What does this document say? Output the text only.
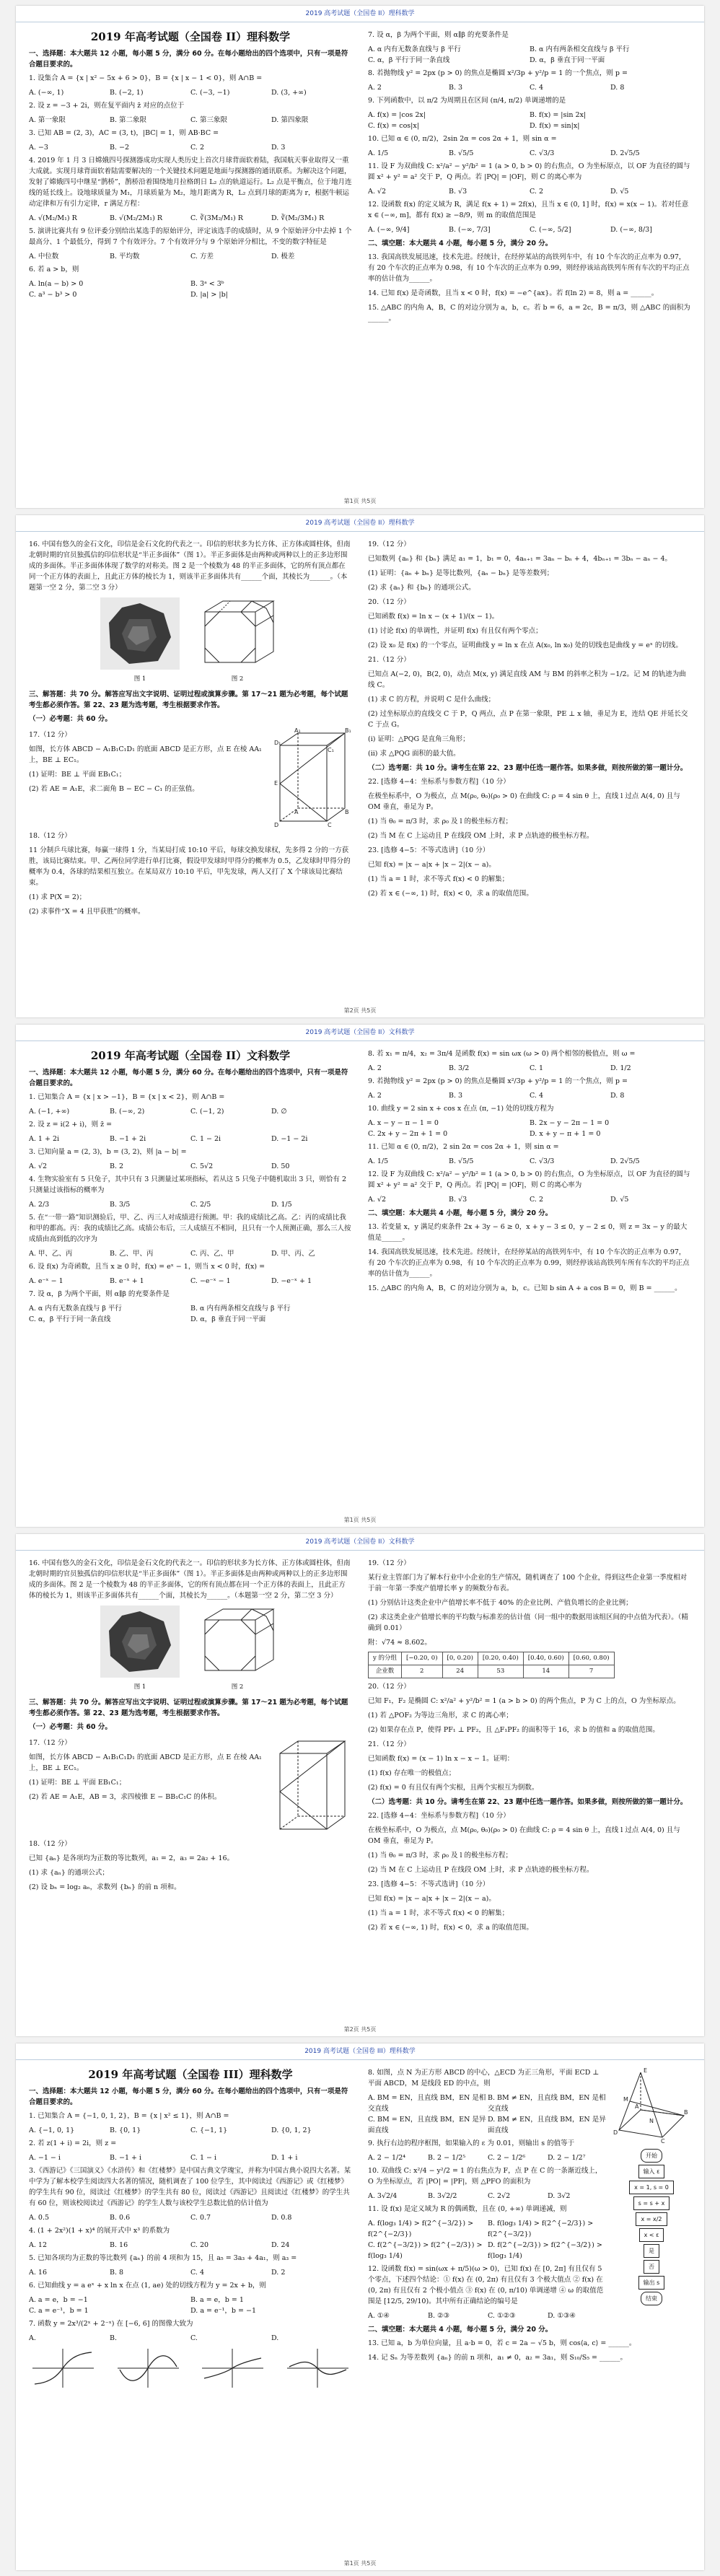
2019 高考试题（全国卷 II）理科数学
2019 年高考试题（全国卷 II）理科数学
一、选择题：本大题共 12 小题，每小题 5 分，满分 60 分。在每小题给出的四个选项中，只有一项是符合题目要求的。
1. 设集合 A = {x | x² − 5x + 6 > 0}，B = {x | x − 1 < 0}，则 A∩B =
A. (−∞, 1)	B. (−2, 1)	C. (−3, −1)	D. (3, +∞)
2. 设 z = −3 + 2i，则在复平面内 z̄ 对应的点位于
A. 第一象限	B. 第二象限	C. 第三象限	D. 第四象限
3. 已知 AB = (2, 3)，AC = (3, t)，|BC| = 1，则 AB·BC =
A. −3	B. −2	C. 2	D. 3
4. 2019 年 1 月 3 日嫦娥四号探测器成功实现人类历史上首次月球背面软着陆，我国航天事业取得又一重大成就。实现月球背面软着陆需要解决的一个关键技术问题是地面与探测器的通讯联系。为解决这个问题，发射了嫦娥四号中继星“鹊桥”，鹊桥沿着围绕地月拉格朗日 L₂ 点的轨道运行。L₂ 点是平衡点，位于地月连线的延长线上。设地球质量为 M₁，月球质量为 M₂，地月距离为 R，L₂ 点到月球的距离为 r，根据牛顿运动定律和万有引力定律，r 满足方程：
A. √(M₂/M₁) R	B. √(M₂/2M₁) R	C. ∛(3M₂/M₁) R	D. ∛(M₂/3M₁) R
5. 演讲比赛共有 9 位评委分别给出某选手的原始评分，评定该选手的成绩时，从 9 个原始评分中去掉 1 个最高分、1 个最低分，得到 7 个有效评分。7 个有效评分与 9 个原始评分相比，不变的数字特征是
A. 中位数	B. 平均数	C. 方差	D. 极差
6. 若 a > b，则
A. ln(a − b) > 0	B. 3ᵃ < 3ᵇ
C. a³ − b³ > 0	D. |a| > |b|
7. 设 α，β 为两个平面，则 α∥β 的充要条件是
A. α 内有无数条直线与 β 平行	B. α 内有两条相交直线与 β 平行
C. α，β 平行于同一条直线	D. α，β 垂直于同一平面
8. 若抛物线 y² = 2px (p > 0) 的焦点是椭圆 x²/3p + y²/p = 1 的一个焦点，则 p =
A. 2	B. 3	C. 4	D. 8
9. 下列函数中，以 π/2 为周期且在区间 (π/4, π/2) 单调递增的是
A. f(x) = |cos 2x|	B. f(x) = |sin 2x|
C. f(x) = cos|x|	D. f(x) = sin|x|
10. 已知 α ∈ (0, π/2)，2sin 2α = cos 2α + 1，则 sin α =
A. 1/5	B. √5/5	C. √3/3	D. 2√5/5
11. 设 F 为双曲线 C: x²/a² − y²/b² = 1 (a > 0, b > 0) 的右焦点，O 为坐标原点，以 OF 为直径的圆与圆 x² + y² = a² 交于 P，Q 两点。若 |PQ| = |OF|，则 C 的离心率为
A. √2	B. √3	C. 2	D. √5
12. 设函数 f(x) 的定义域为 R，满足 f(x + 1) = 2f(x)，且当 x ∈ (0, 1] 时，f(x) = x(x − 1)。若对任意 x ∈ (−∞, m]，都有 f(x) ≥ −8/9，则 m 的取值范围是
A. (−∞, 9/4]	B. (−∞, 7/3]	C. (−∞, 5/2]	D. (−∞, 8/3]
二、填空题：本大题共 4 小题，每小题 5 分，满分 20 分。
13. 我国高铁发展迅速，技术先进。经统计，在经停某站的高铁列车中，有 10 个车次的正点率为 0.97，有 20 个车次的正点率为 0.98，有 10 个车次的正点率为 0.99，则经停该站高铁列车所有车次的平均正点率的估计值为______。
14. 已知 f(x) 是奇函数，且当 x < 0 时，f(x) = −e^{ax}。若 f(ln 2) = 8，则 a = ______。
15. △ABC 的内角 A，B，C 的对边分别为 a，b，c。若 b = 6，a = 2c，B = π/3，则 △ABC 的面积为______。
第1页 共5页
2019 高考试题（全国卷 II）理科数学
16. 中国有悠久的金石文化，印信是金石文化的代表之一。印信的形状多为长方体、正方体或圆柱体，但南北朝时期的官员独孤信的印信形状是“半正多面体”（图 1）。半正多面体是由两种或两种以上的正多边形围成的多面体。半正多面体体现了数学的对称美。图 2 是一个棱数为 48 的半正多面体，它的所有顶点都在同一个正方体的表面上，且此正方体的棱长为 1，则该半正多面体共有______个面，其棱长为______。（本题第一空 2 分，第二空 3 分）
图 1	图 2
三、解答题：共 70 分。解答应写出文字说明、证明过程或演算步骤。第 17～21 题为必考题，每个试题考生都必须作答。第 22、23 题为选考题，考生根据要求作答。
（一）必考题：共 60 分。
17.（12 分）
如图，长方体 ABCD − A₁B₁C₁D₁ 的底面 ABCD 是正方形，点 E 在棱 AA₁ 上，BE ⊥ EC₁。
(1) 证明：BE ⊥ 平面 EB₁C₁；
(2) 若 AE = A₁E，求二面角 B − EC − C₁ 的正弦值。
D₁
A₁	B₁
C₁
E
D
A	B
C
18.（12 分）
11 分制乒乓球比赛，每赢一球得 1 分，当某局打成 10:10 平后，每球交换发球权，先多得 2 分的一方获胜，该局比赛结束。甲、乙两位同学进行单打比赛，假设甲发球时甲得分的概率为 0.5，乙发球时甲得分的概率为 0.4，各球的结果相互独立。在某局双方 10:10 平后，甲先发球，两人又打了 X 个球该局比赛结束。
(1) 求 P(X = 2)；
(2) 求事件“X = 4 且甲获胜”的概率。
19.（12 分）
已知数列 {aₙ} 和 {bₙ} 满足 a₁ = 1，b₁ = 0，4aₙ₊₁ = 3aₙ − bₙ + 4，4bₙ₊₁ = 3bₙ − aₙ − 4。
(1) 证明：{aₙ + bₙ} 是等比数列，{aₙ − bₙ} 是等差数列；
(2) 求 {aₙ} 和 {bₙ} 的通项公式。
20.（12 分）
已知函数 f(x) = ln x − (x + 1)/(x − 1)。
(1) 讨论 f(x) 的单调性，并证明 f(x) 有且仅有两个零点；
(2) 设 x₀ 是 f(x) 的一个零点，证明曲线 y = ln x 在点 A(x₀, ln x₀) 处的切线也是曲线 y = eˣ 的切线。
21.（12 分）
已知点 A(−2, 0)，B(2, 0)，动点 M(x, y) 满足直线 AM 与 BM 的斜率之积为 −1/2。记 M 的轨迹为曲线 C。
(1) 求 C 的方程，并说明 C 是什么曲线；
(2) 过坐标原点的直线交 C 于 P，Q 两点，点 P 在第一象限，PE ⊥ x 轴，垂足为 E，连结 QE 并延长交 C 于点 G。
(i) 证明：△PQG 是直角三角形；
(ii) 求 △PQG 面积的最大值。
（二）选考题：共 10 分。请考生在第 22、23 题中任选一题作答。如果多做，则按所做的第一题计分。
22. [选修 4−4：坐标系与参数方程]（10 分）
在极坐标系中，O 为极点，点 M(ρ₀, θ₀)(ρ₀ > 0) 在曲线 C: ρ = 4 sin θ 上，直线 l 过点 A(4, 0) 且与 OM 垂直，垂足为 P。
(1) 当 θ₀ = π/3 时，求 ρ₀ 及 l 的极坐标方程；
(2) 当 M 在 C 上运动且 P 在线段 OM 上时，求 P 点轨迹的极坐标方程。
23. [选修 4−5：不等式选讲]（10 分）
已知 f(x) = |x − a|x + |x − 2|(x − a)。
(1) 当 a = 1 时，求不等式 f(x) < 0 的解集；
(2) 若 x ∈ (−∞, 1) 时，f(x) < 0，求 a 的取值范围。
第2页 共5页
2019 高考试题（全国卷 II）文科数学
2019 年高考试题（全国卷 II）文科数学
一、选择题：本大题共 12 小题，每小题 5 分，满分 60 分。在每小题给出的四个选项中，只有一项是符合题目要求的。
1. 已知集合 A = {x | x > −1}，B = {x | x < 2}，则 A∩B =
A. (−1, +∞)	B. (−∞, 2)	C. (−1, 2)	D. ∅
2. 设 z = i(2 + i)，则 z̄ =
A. 1 + 2i	B. −1 + 2i	C. 1 − 2i	D. −1 − 2i
3. 已知向量 a = (2, 3)，b = (3, 2)，则 |a − b| =
A. √2	B. 2	C. 5√2	D. 50
4. 生物实验室有 5 只兔子，其中只有 3 只测量过某项指标，若从这 5 只兔子中随机取出 3 只，则恰有 2 只测量过该指标的概率为
A. 2/3	B. 3/5	C. 2/5	D. 1/5
5. 在“一带一路”知识测验后，甲、乙、丙三人对成绩进行预测。甲：我的成绩比乙高。乙：丙的成绩比我和甲的都高。丙：我的成绩比乙高。成绩公布后，三人成绩互不相同，且只有一个人预测正确，那么三人按成绩由高到低的次序为
A. 甲、乙、丙	B. 乙、甲、丙	C. 丙、乙、甲	D. 甲、丙、乙
6. 设 f(x) 为奇函数，且当 x ≥ 0 时，f(x) = eˣ − 1，则当 x < 0 时，f(x) =
A. e⁻ˣ − 1	B. e⁻ˣ + 1	C. −e⁻ˣ − 1	D. −e⁻ˣ + 1
7. 设 α，β 为两个平面，则 α∥β 的充要条件是
A. α 内有无数条直线与 β 平行	B. α 内有两条相交直线与 β 平行
C. α，β 平行于同一条直线	D. α，β 垂直于同一平面
8. 若 x₁ = π/4，x₂ = 3π/4 是函数 f(x) = sin ωx (ω > 0) 两个相邻的极值点，则 ω =
A. 2	B. 3/2	C. 1	D. 1/2
9. 若抛物线 y² = 2px (p > 0) 的焦点是椭圆 x²/3p + y²/p = 1 的一个焦点，则 p =
A. 2	B. 3	C. 4	D. 8
10. 曲线 y = 2 sin x + cos x 在点 (π, −1) 处的切线方程为
A. x − y − π − 1 = 0	B. 2x − y − 2π − 1 = 0
C. 2x + y − 2π + 1 = 0	D. x + y − π + 1 = 0
11. 已知 α ∈ (0, π/2)，2 sin 2α = cos 2α + 1，则 sin α =
A. 1/5	B. √5/5	C. √3/3	D. 2√5/5
12. 设 F 为双曲线 C: x²/a² − y²/b² = 1 (a > 0, b > 0) 的右焦点，O 为坐标原点，以 OF 为直径的圆与圆 x² + y² = a² 交于 P，Q 两点。若 |PQ| = |OF|，则 C 的离心率为
A. √2	B. √3	C. 2	D. √5
二、填空题：本大题共 4 小题，每小题 5 分，满分 20 分。
13. 若变量 x，y 满足约束条件 2x + 3y − 6 ≥ 0，x + y − 3 ≤ 0，y − 2 ≤ 0，则 z = 3x − y 的最大值是______。
14. 我国高铁发展迅速，技术先进。经统计，在经停某站的高铁列车中，有 10 个车次的正点率为 0.97，有 20 个车次的正点率为 0.98，有 10 个车次的正点率为 0.99，则经停该站高铁列车所有车次的平均正点率的估计值为______。
15. △ABC 的内角 A，B，C 的对边分别为 a，b，c。已知 b sin A + a cos B = 0，则 B = ______。
第1页 共5页
2019 高考试题（全国卷 II）文科数学
16. 中国有悠久的金石文化，印信是金石文化的代表之一。印信的形状多为长方体、正方体或圆柱体，但南北朝时期的官员独孤信的印信形状是“半正多面体”（图 1）。半正多面体是由两种或两种以上的正多边形围成的多面体。图 2 是一个棱数为 48 的半正多面体，它的所有顶点都在同一个正方体的表面上，且此正方体的棱长为 1，则该半正多面体共有______个面，其棱长为______。（本题第一空 2 分，第二空 3 分）
图 1	图 2
三、解答题：共 70 分。解答应写出文字说明、证明过程或演算步骤。第 17～21 题为必考题，每个试题考生都必须作答。第 22、23 题为选考题，考生根据要求作答。
（一）必考题：共 60 分。
17.（12 分）
如图，长方体 ABCD − A₁B₁C₁D₁ 的底面 ABCD 是正方形，点 E 在棱 AA₁ 上，BE ⊥ EC₁。
(1) 证明：BE ⊥ 平面 EB₁C₁；
(2) 若 AE = A₁E，AB = 3，求四棱锥 E − BB₁C₁C 的体积。
18.（12 分）
已知 {aₙ} 是各项均为正数的等比数列，a₁ = 2，a₃ = 2a₂ + 16。
(1) 求 {aₙ} 的通项公式；
(2) 设 bₙ = log₂ aₙ，求数列 {bₙ} 的前 n 项和。
19.（12 分）
某行业主管部门为了解本行业中小企业的生产情况，随机调查了 100 个企业，得到这些企业第一季度相对于前一年第一季度产值增长率 y 的频数分布表。
(1) 分别估计这类企业中产值增长率不低于 40% 的企业比例、产值负增长的企业比例；
(2) 求这类企业产值增长率的平均数与标准差的估计值（同一组中的数据用该组区间的中点值为代表）。（精确到 0.01）
附：√74 ≈ 8.602。
y 的分组	[−0.20, 0)	[0, 0.20)	[0.20, 0.40)	[0.40, 0.60)	[0.60, 0.80)
企业数	2	24	53	14	7
20.（12 分）
已知 F₁，F₂ 是椭圆 C: x²/a² + y²/b² = 1 (a > b > 0) 的两个焦点，P 为 C 上的点，O 为坐标原点。
(1) 若 △POF₂ 为等边三角形，求 C 的离心率；
(2) 如果存在点 P，使得 PF₁ ⊥ PF₂，且 △F₁PF₂ 的面积等于 16，求 b 的值和 a 的取值范围。
21.（12 分）
已知函数 f(x) = (x − 1) ln x − x − 1。证明：
(1) f(x) 存在唯一的极值点；
(2) f(x) = 0 有且仅有两个实根，且两个实根互为倒数。
（二）选考题：共 10 分。请考生在第 22、23 题中任选一题作答。如果多做，则按所做的第一题计分。
22. [选修 4−4：坐标系与参数方程]（10 分）
在极坐标系中，O 为极点，点 M(ρ₀, θ₀)(ρ₀ > 0) 在曲线 C: ρ = 4 sin θ 上，直线 l 过点 A(4, 0) 且与 OM 垂直，垂足为 P。
(1) 当 θ₀ = π/3 时，求 ρ₀ 及 l 的极坐标方程；
(2) 当 M 在 C 上运动且 P 在线段 OM 上时，求 P 点轨迹的极坐标方程。
23. [选修 4−5：不等式选讲]（10 分）
已知 f(x) = |x − a|x + |x − 2|(x − a)。
(1) 当 a = 1 时，求不等式 f(x) < 0 的解集；
(2) 若 x ∈ (−∞, 1) 时，f(x) < 0，求 a 的取值范围。
第2页 共5页
2019 高考试题（全国卷 III）理科数学
2019 年高考试题（全国卷 III）理科数学
一、选择题：本大题共 12 小题，每小题 5 分，满分 60 分。在每小题给出的四个选项中，只有一项是符合题目要求的。
1. 已知集合 A = {−1, 0, 1, 2}，B = {x | x² ≤ 1}，则 A∩B =
A. {−1, 0, 1}	B. {0, 1}	C. {−1, 1}	D. {0, 1, 2}
2. 若 z(1 + i) = 2i，则 z =
A. −1 − i	B. −1 + i	C. 1 − i	D. 1 + i
3.《西游记》《三国演义》《水浒传》和《红楼梦》是中国古典文学瑰宝，并称为中国古典小说四大名著。某中学为了解本校学生阅读四大名著的情况，随机调查了 100 位学生，其中阅读过《西游记》或《红楼梦》的学生共有 90 位，阅读过《红楼梦》的学生共有 80 位，阅读过《西游记》且阅读过《红楼梦》的学生共有 60 位，则该校阅读过《西游记》的学生人数与该校学生总数比值的估计值为
A. 0.5	B. 0.6	C. 0.7	D. 0.8
4. (1 + 2x²)(1 + x)⁴ 的展开式中 x³ 的系数为
A. 12	B. 16	C. 20	D. 24
5. 已知各项均为正数的等比数列 {aₙ} 的前 4 项和为 15，且 a₅ = 3a₃ + 4a₁，则 a₃ =
A. 16	B. 8	C. 4	D. 2
6. 已知曲线 y = a eˣ + x ln x 在点 (1, ae) 处的切线方程为 y = 2x + b，则
A. a = e，b = −1	B. a = e，b = 1
C. a = e⁻¹，b = 1	D. a = e⁻¹，b = −1
7. 函数 y = 2x³/(2ˣ + 2⁻ˣ) 在 [−6, 6] 的图像大致为
A.	B.	C.	D.
8. 如图，点 N 为正方形 ABCD 的中心，△ECD 为正三角形，平面 ECD ⊥ 平面 ABCD，M 是线段 ED 的中点，则
A. BM = EN，且直线 BM，EN 是相交直线
B. BM ≠ EN，且直线 BM，EN 是相交直线
C. BM = EN，且直线 BM，EN 是异面直线
D. BM ≠ EN，且直线 BM，EN 是异面直线
9. 执行右边的程序框图，如果输入的 ε 为 0.01，则输出 s 的值等于
A. 2 − 1/2⁴	B. 2 − 1/2⁵	C. 2 − 1/2⁶	D. 2 − 1/2⁷
10. 双曲线 C: x²/4 − y²/2 = 1 的右焦点为 F，点 P 在 C 的一条渐近线上，O 为坐标原点，若 |PO| = |PF|，则 △PFO 的面积为
A. 3√2/4	B. 3√2/2	C. 2√2	D. 3√2
11. 设 f(x) 是定义域为 R 的偶函数，且在 (0, +∞) 单调递减，则
A. f(log₃ 1/4) > f(2^{−3/2}) > f(2^{−2/3})
B. f(log₃ 1/4) > f(2^{−2/3}) > f(2^{−3/2})
C. f(2^{−3/2}) > f(2^{−2/3}) > f(log₃ 1/4)
D. f(2^{−2/3}) > f(2^{−3/2}) > f(log₃ 1/4)
12. 设函数 f(x) = sin(ωx + π/5)(ω > 0)，已知 f(x) 在 [0, 2π] 有且仅有 5 个零点，下述四个结论：① f(x) 在 (0, 2π) 有且仅有 3 个极大值点 ② f(x) 在 (0, 2π) 有且仅有 2 个极小值点 ③ f(x) 在 (0, π/10) 单调递增 ④ ω 的取值范围是 [12/5, 29/10)。其中所有正确结论的编号是
A. ①④	B. ②③	C. ①②③	D. ①③④
E
M
D
C
B
A
N
开始
输入 ε
x = 1, s = 0
s = s + x
x = x/2
x < ε
是
否
输出 s
结束
二、填空题：本大题共 4 小题，每小题 5 分，满分 20 分。
13. 已知 a，b 为单位向量，且 a·b = 0，若 c = 2a − √5 b，则 cos⟨a, c⟩ = ______。
14. 记 Sₙ 为等差数列 {aₙ} 的前 n 项和，a₁ ≠ 0，a₂ = 3a₁，则 S₁₀/S₅ = ______。
第1页 共5页
